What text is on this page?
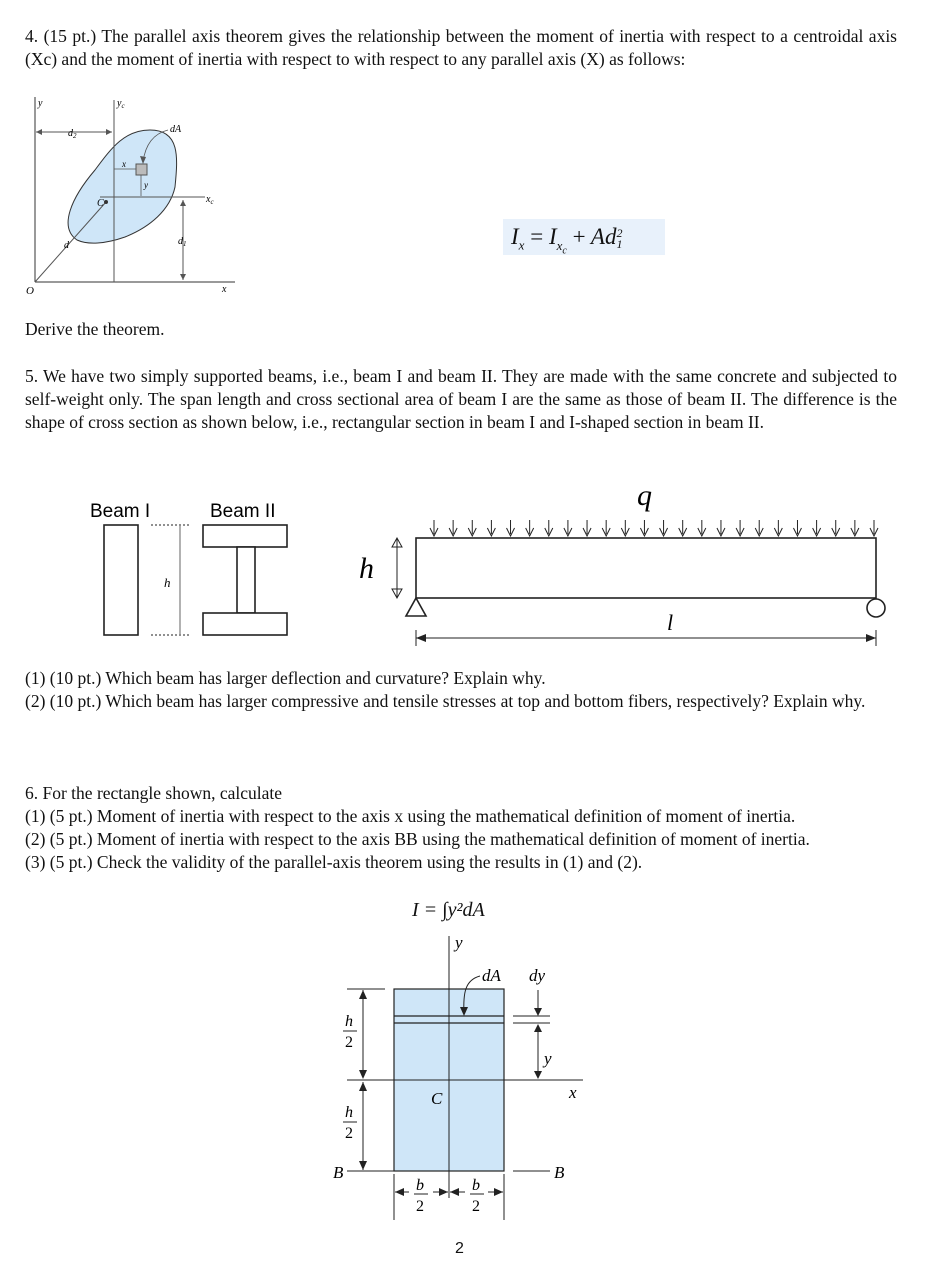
4. (15 pt.) The parallel axis theorem gives the relationship between the moment of inertia with respect to a centroidal axis (Xc) and the moment of inertia with respect to with respect to any parallel axis (X) as follows:

y	$y_c$
$d_2$
dA
x
y
C	$x_c$
d	$d_1$
O	x
$I_x = I_{x_c} + Ad$ 2
1

Derive the theorem.

5. We have two simply supported beams, i.e., beam I and beam II. They are made with the same concrete and subjected to self-weight only. The span length and cross sectional area of beam I are the same as those of beam II. The difference is the shape of cross section as shown below, i.e., rectangular section in beam I and I-shaped section in beam II.

Beam I	Beam II
h
q
h
l

(1) (10 pt.) Which beam has larger deflection and curvature? Explain why.

(2) (10 pt.) Which beam has larger compressive and tensile stresses at top and bottom fibers, respectively? Explain why.

6. For the rectangle shown, calculate

(1) (5 pt.) Moment of inertia with respect to the axis x using the mathematical definition of moment of inertia.

(2) (5 pt.) Moment of inertia with respect to the axis BB using the mathematical definition of moment of inertia.

(3) (5 pt.) Check the validity of the parallel-axis theorem using the results in (1) and (2).

I = ∫y²dA
y
x
C
B	B
dA dy
y
h
2
h
2
b
2
b
2
2
